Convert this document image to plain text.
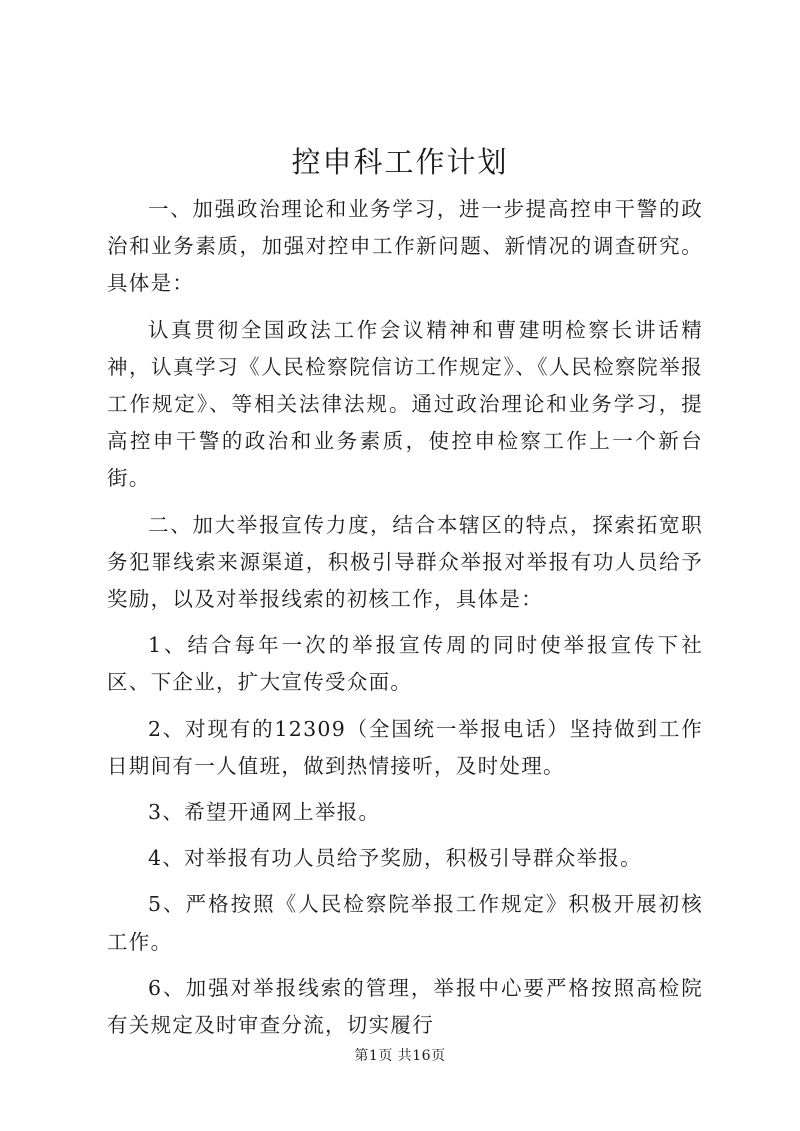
控申科工作计划

一、加强政治理论和业务学习，进一步提高控申干警的政治和业务素质，加强对控申工作新问题、新情况的调查研究。具体是：

认真贯彻全国政法工作会议精神和曹建明检察长讲话精神，认真学习《人民检察院信访工作规定》、《人民检察院举报工作规定》、等相关法律法规。通过政治理论和业务学习，提高控申干警的政治和业务素质，使控申检察工作上一个新台街。

二、加大举报宣传力度，结合本辖区的特点，探索拓宽职务犯罪线索来源渠道，积极引导群众举报对举报有功人员给予奖励，以及对举报线索的初核工作，具体是：

1、结合每年一次的举报宣传周的同时使举报宣传下社区、下企业，扩大宣传受众面。

2、对现有的12309（全国统一举报电话）坚持做到工作日期间有一人值班，做到热情接听，及时处理。

3、希望开通网上举报。

4、对举报有功人员给予奖励，积极引导群众举报。

5、严格按照《人民检察院举报工作规定》积极开展初核工作。

6、加强对举报线索的管理，举报中心要严格按照高检院有关规定及时审查分流，切实履行

第1页 共16页
